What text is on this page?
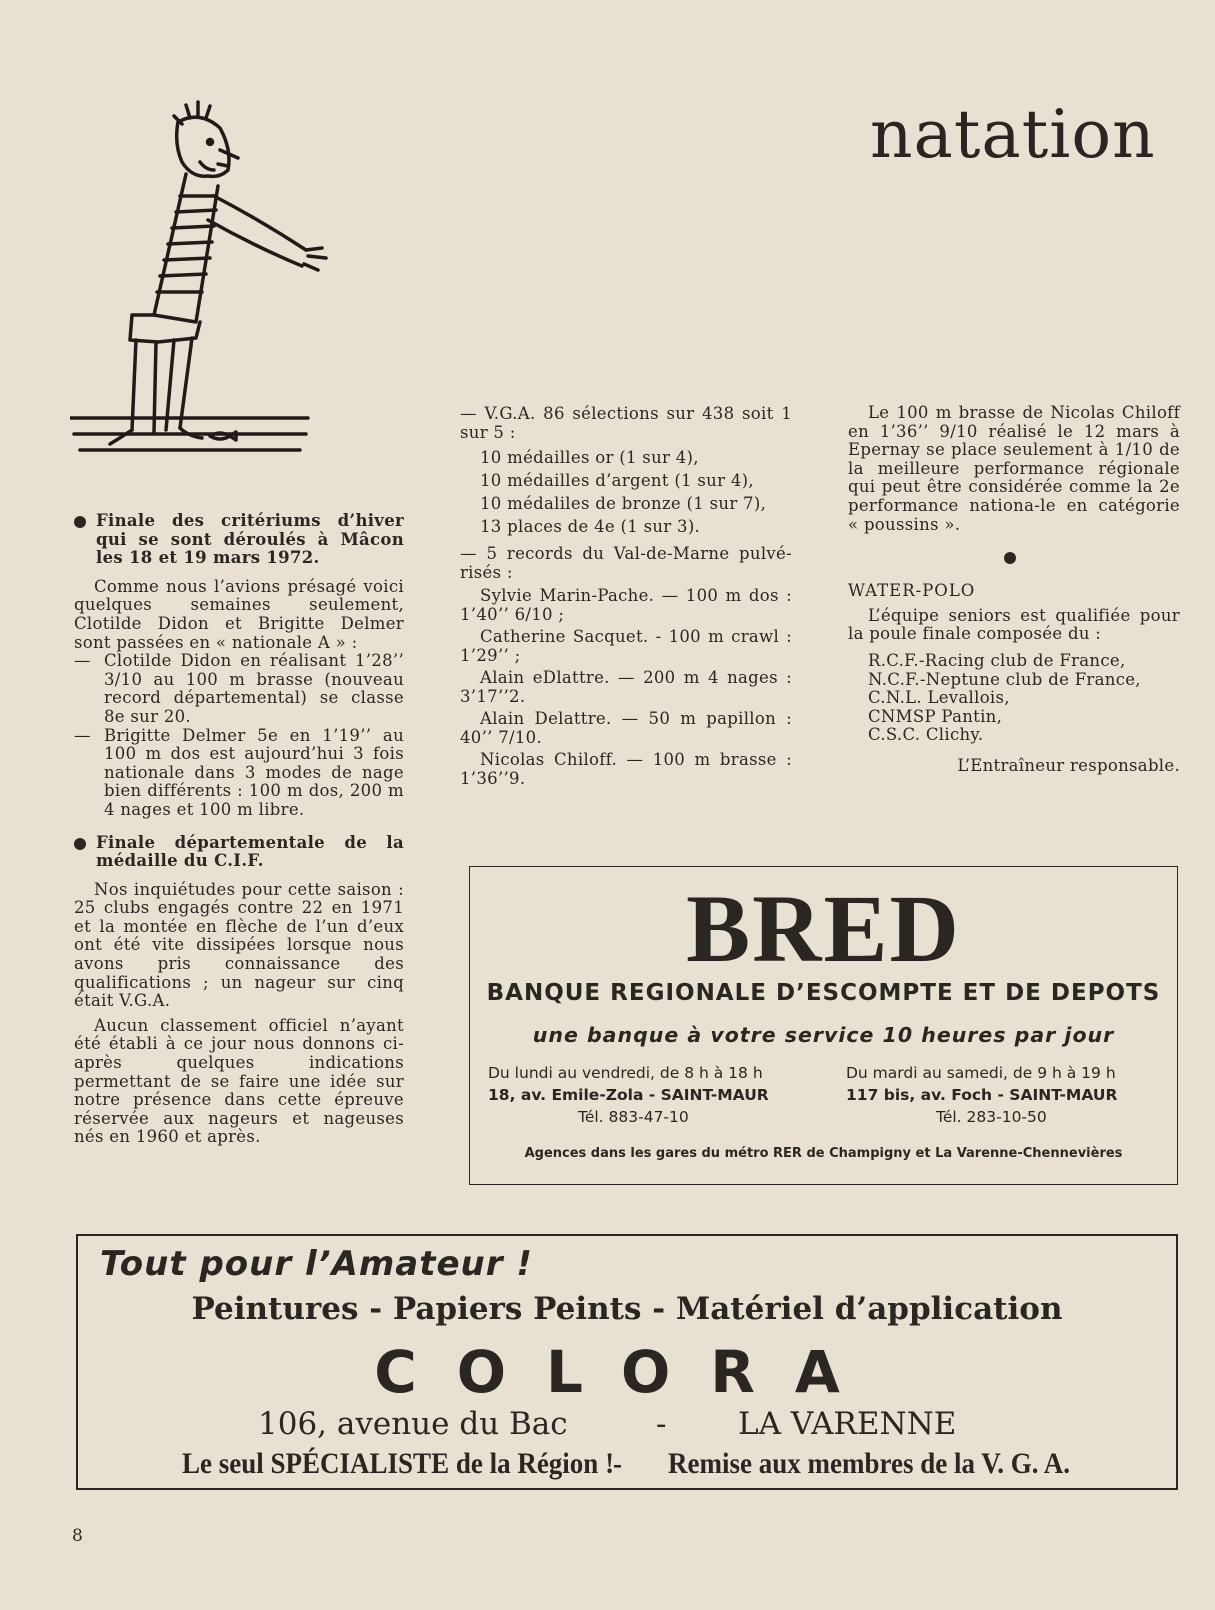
natation
Finale des critériums d’hiver qui se sont déroulés à Mâcon les 18 et 19 mars 1972.

Comme nous l’avions présagé voici quelques semaines seulement, Clotilde Didon et Brigitte Delmer sont passées en « nationale A » :

— Clotilde Didon en réalisant 1’28’’ 3/10 au 100 m brasse (nouveau record départemental) se classe 8e sur 20.
— Brigitte Delmer 5e en 1’19’’ au 100 m dos est aujourd’hui 3 fois nationale dans 3 modes de nage bien différents : 100 m dos, 200 m 4 nages et 100 m libre.
Finale départementale de la médaille du C.I.F.

Nos inquiétudes pour cette saison : 25 clubs engagés contre 22 en 1971 et la montée en flèche de l’un d’eux ont été vite dissipées lorsque nous avons pris connaissance des qualifications ; un nageur sur cinq était V.G.A.

Aucun classement officiel n’ayant été établi à ce jour nous donnons ci-après quelques indications permettant de se faire une idée sur notre présence dans cette épreuve réservée aux nageurs et nageuses nés en 1960 et après.

— V.G.A. 86 sélections sur 438 soit 1 sur 5 :

10 médailles or (1 sur 4),

10 médailles d’argent (1 sur 4),

10 médaliles de bronze (1 sur 7),

13 places de 4e (1 sur 3).

— 5 records du Val-de-Marne pulvé-risés :

Sylvie Marin-Pache. — 100 m dos : 1’40’’ 6/10 ;

Catherine Sacquet. - 100 m crawl : 1’29’’ ;

Alain eDlattre. — 200 m 4 nages : 3’17’’2.

Alain Delattre. — 50 m papillon : 40’’ 7/10.

Nicolas Chiloff. — 100 m brasse : 1’36’’9.

Le 100 m brasse de Nicolas Chiloff en 1’36’’ 9/10 réalisé le 12 mars à Epernay se place seulement à 1/10 de la meilleure performance régionale qui peut être considérée comme la 2e performance nationa-le en catégorie « poussins ».

WATER-POLO

L’équipe seniors est qualifiée pour la poule finale composée du :

R.C.F.-Racing club de France,

N.C.F.-Neptune club de France,

C.N.L. Levallois,

CNMSP Pantin,

C.S.C. Clichy.

L’Entraîneur responsable.

BRED
BANQUE REGIONALE D’ESCOMPTE ET DE DEPOTS
une banque à votre service 10 heures par jour
Du lundi au vendredi, de 8 h à 18 h
18, av. Emile-Zola - SAINT-MAUR
Tél. 883-47-10
Du mardi au samedi, de 9 h à 19 h
117 bis, av. Foch - SAINT-MAUR
Tél. 283-10-50
Agences dans les gares du métro RER de Champigny et La Varenne-Chennevières
Tout pour l’Amateur !
Peintures - Papiers Peints - Matériel d’application
COLORA
106, avenue du Bac	- LA VARENNE
Le seul SPÉCIALISTE de la Région !
- Remise aux membres de la V. G. A.
8
